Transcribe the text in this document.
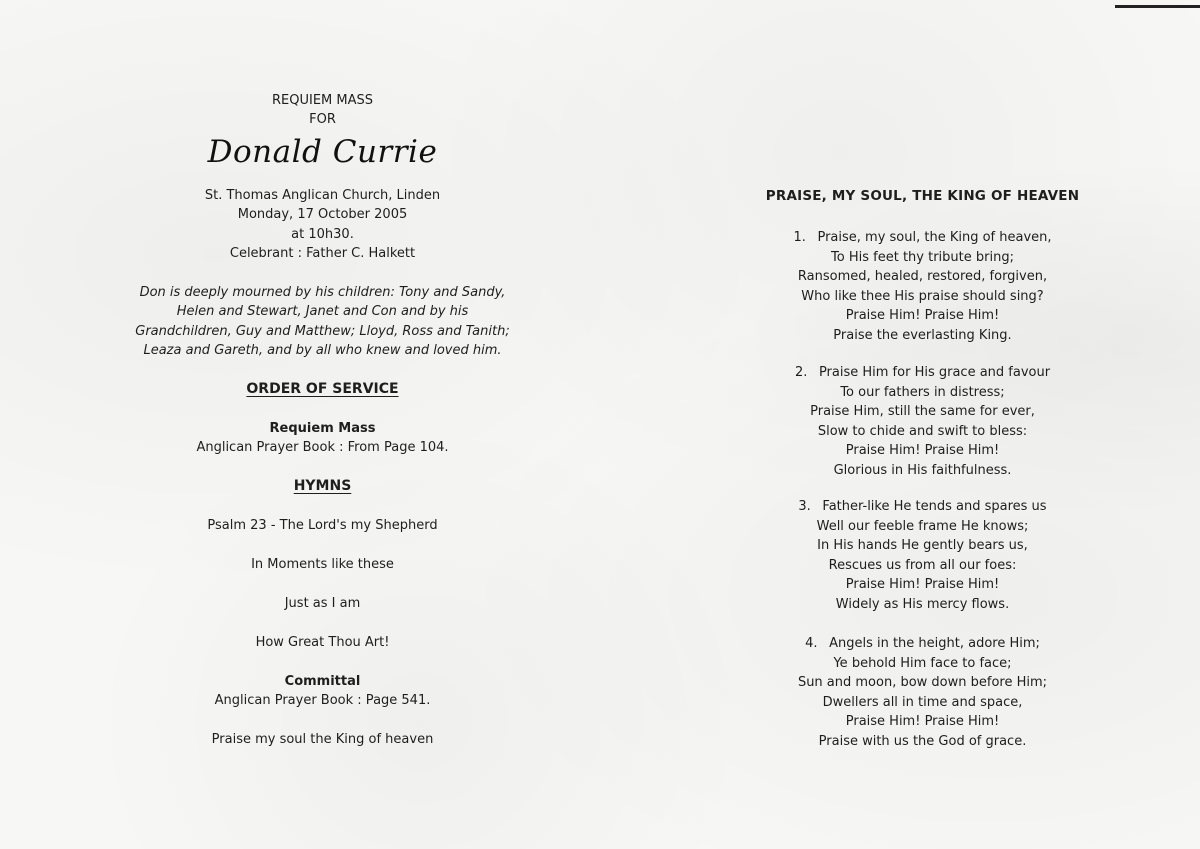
REQUIEM MASS
FOR
Donald Currie
St. Thomas Anglican Church, Linden
Monday, 17 October 2005
at 10h30.
Celebrant : Father C. Halkett
Don is deeply mourned by his children: Tony and Sandy,
Helen and Stewart, Janet and Con and by his
Grandchildren, Guy and Matthew; Lloyd, Ross and Tanith;
Leaza and Gareth, and by all who knew and loved him.
ORDER OF SERVICE
Requiem Mass
Anglican Prayer Book : From Page 104.
HYMNS
Psalm 23 - The Lord's my Shepherd
In Moments like these
Just as I am
How Great Thou Art!
Committal
Anglican Prayer Book : Page 541.
Praise my soul the King of heaven
PRAISE, MY SOUL, THE KING OF HEAVEN
1. Praise, my soul, the King of heaven,
To His feet thy tribute bring;
Ransomed, healed, restored, forgiven,
Who like thee His praise should sing?
Praise Him! Praise Him!
Praise the everlasting King.
2. Praise Him for His grace and favour
To our fathers in distress;
Praise Him, still the same for ever,
Slow to chide and swift to bless:
Praise Him! Praise Him!
Glorious in His faithfulness.
3. Father-like He tends and spares us
Well our feeble frame He knows;
In His hands He gently bears us,
Rescues us from all our foes:
Praise Him! Praise Him!
Widely as His mercy flows.
4. Angels in the height, adore Him;
Ye behold Him face to face;
Sun and moon, bow down before Him;
Dwellers all in time and space,
Praise Him! Praise Him!
Praise with us the God of grace.
